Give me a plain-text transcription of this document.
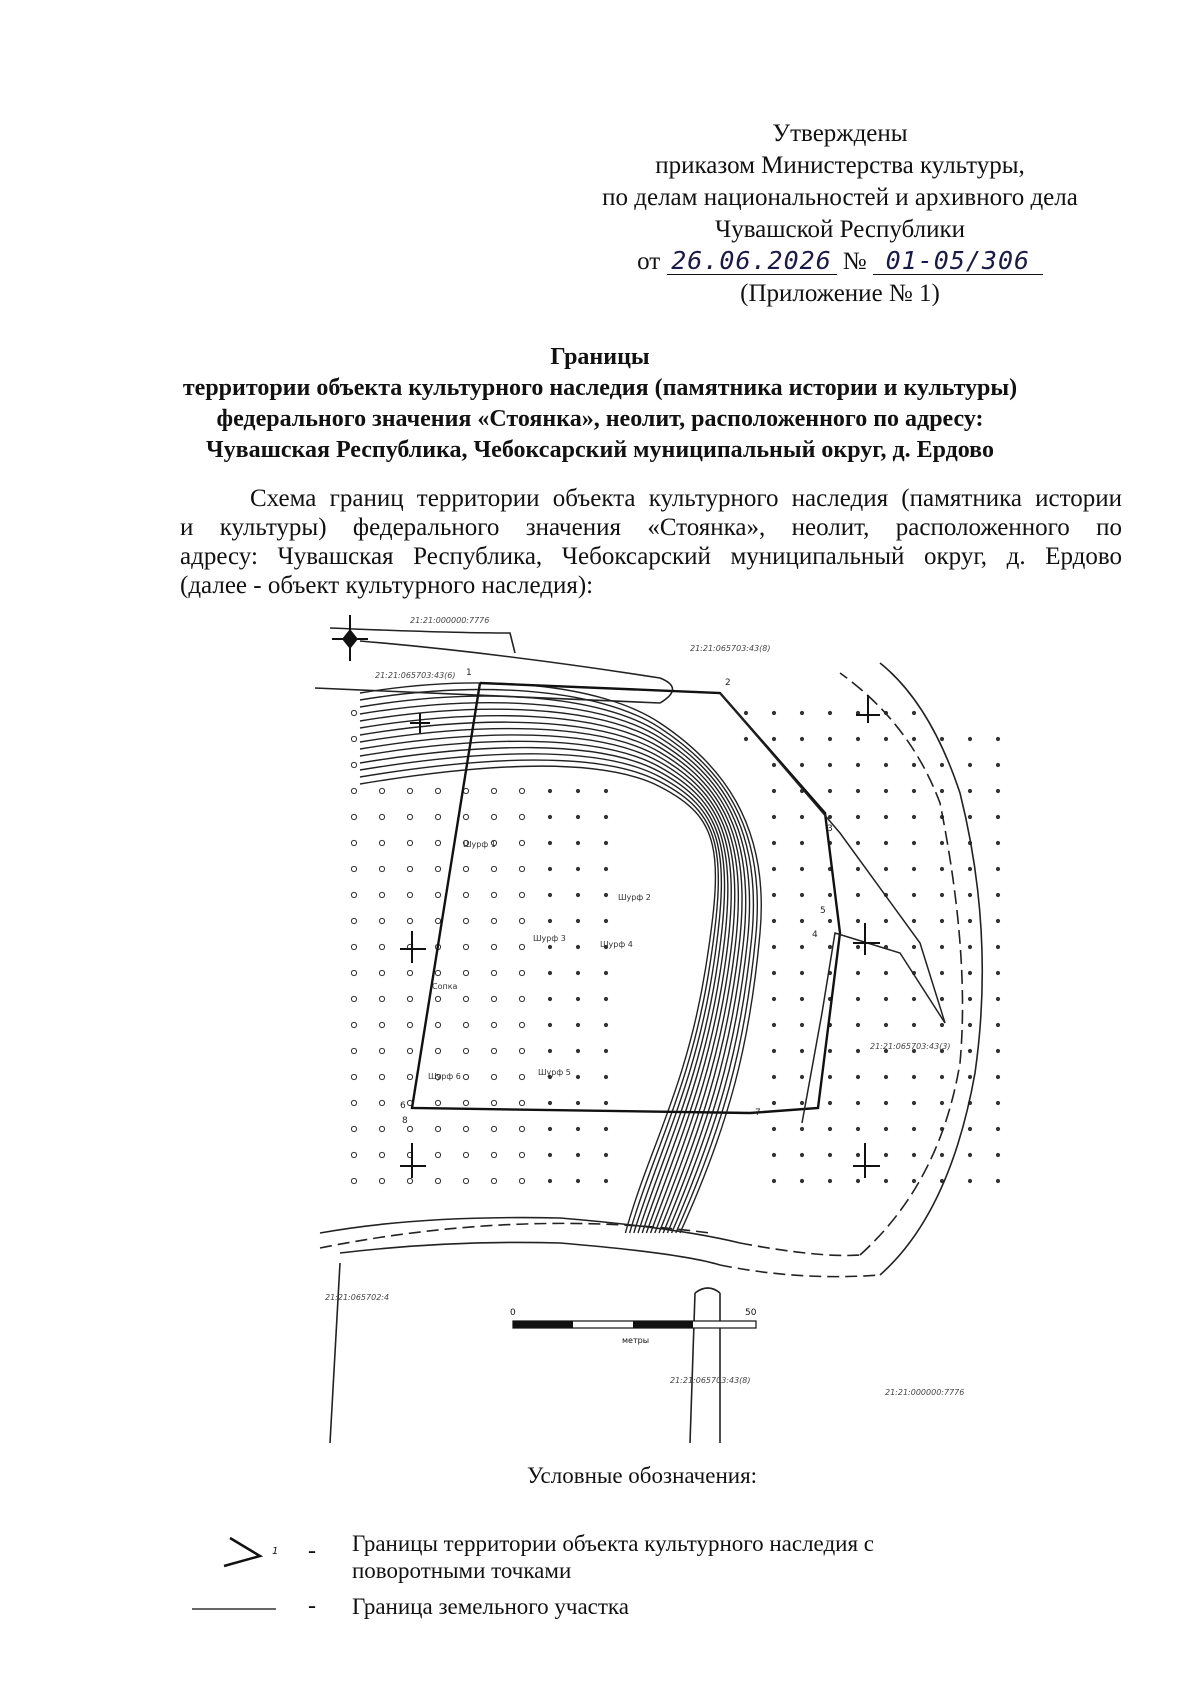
Утверждены
приказом Министерства культуры,
по делам национальностей и архивного дела
Чувашской Республики
от 26.06.2026 № 01-05/306
(Приложение № 1)
Границы
территории объекта культурного наследия (памятника истории и культуры)
федерального значения «Стоянка», неолит, расположенного по адресу:
Чувашская Республика, Чебоксарский муниципальный округ, д. Ердово
Схема границ территории объекта культурного наследия (памятника истории
и культуры) федерального значения «Стоянка», неолит, расположенного по
адресу: Чувашская Республика, Чебоксарский муниципальный округ, д. Ердово
(далее - объект культурного наследия):
1
2
3
4
5
6
7
8
Шурф 1
Шурф 2
Шурф 3
Шурф 4
Шурф 5
Шурф 6
Сопка
21:21:000000:7776
21:21:065703:43(6)
21:21:065703:43(8)
21:21:065703:43(3)
21:21:065702:4
21:21:065703:43(8)
21:21:000000:7776
0	50
метры
Условные обозначения:
1 - Границы территории объекта культурного наследия с
поворотными точками
- Граница земельного участка
